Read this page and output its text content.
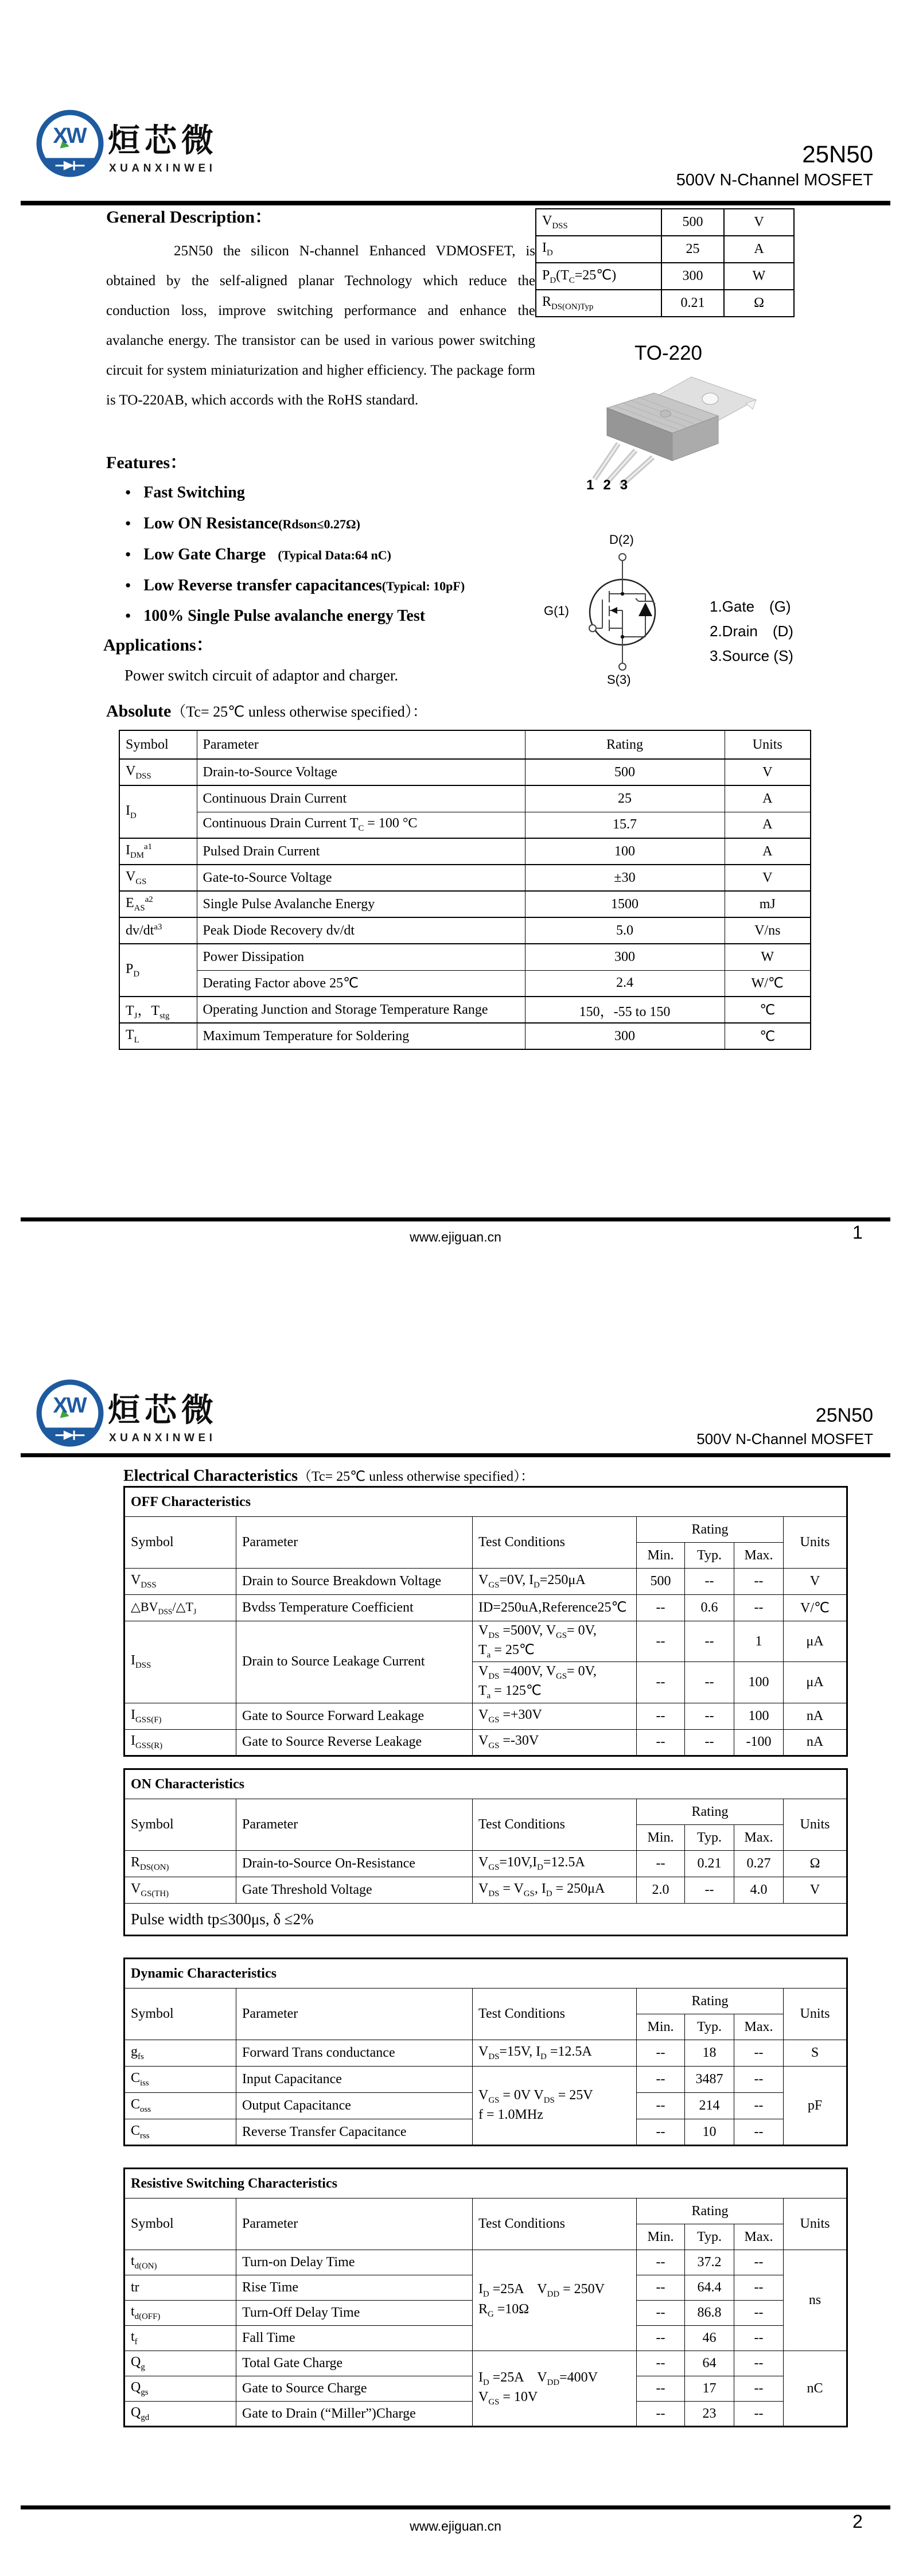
XW 烜芯微
XUANXINWEI
25N50
500V N-Channel MOSFET
General Description：
25N50 the silicon N-channel Enhanced VDMOSFET, is obtained by the self-aligned planar Technology which reduce the conduction loss, improve switching performance and enhance the avalanche energy. The transistor can be used in various power switching circuit for system miniaturization and higher efficiency. The package form is TO-220AB, which accords with the RoHS standard.
$V_{DSS}$	500	V
$I_D$	25	A
$P_D(T_C=25℃)$	300	W
$R_{DS(ON)Typ}$	0.21	Ω
TO-220
1 2 3
Features：
● Fast Switching
● Low ON Resistance(Rdson≤0.27Ω)
● Low Gate Charge   (Typical Data:64 nC)
● Low Reverse transfer capacitances(Typical: 10pF)
● 100% Single Pulse avalanche energy Test
Applications：
Power switch circuit of adaptor and charger.
D(2)
G(1)
S(3)
1.Gate　(G)
2.Drain　(D)
3.Source (S)
Absolute（Tc= 25℃ unless otherwise specified）：
Symbol	Parameter	Rating	Units
$V_{DSS}$	Drain-to-Source Voltage	500	V
$I_D$	Continuous Drain Current	25	A
	Continuous Drain Current $T_C = 100$ °C	15.7	A
$I_{DM}^{a1}$	Pulsed Drain Current	100	A
$V_{GS}$	Gate-to-Source Voltage	±30	V
$E_{AS}^{a2}$	Single Pulse Avalanche Energy	1500	mJ
$dv/dt^{a3}$	Peak Diode Recovery dv/dt	5.0	V/ns
$P_D$	Power Dissipation	300	W
	Derating Factor above 25℃	2.4	W/℃
$T_J$，$T_{stg}$	Operating Junction and Storage Temperature Range	150，-55 to 150	℃
$T_L$	Maximum Temperature for Soldering	300	℃
www.ejiguan.cn	1
XW 烜芯微
XUANXINWEI
25N50
500V N-Channel MOSFET
Electrical Characteristics（Tc= 25℃ unless otherwise specified）：
OFF Characteristics						
Symbol	Parameter	Test Conditions	Rating			Units
			Min.	Typ.	Max.	
$V_{DSS}$	Drain to Source Breakdown Voltage	$V_{GS}=0V$, $I_D=250\mu A$	500	--	--	V
$\triangle BV_{DSS}/\triangle T_J$	Bvdss Temperature Coefficient	ID=250uA,Reference25℃	--	0.6	--	V/℃
$I_{DSS}$	Drain to Source Leakage Current	$V_{DS} =500V$, $V_{GS}= 0V$,
$T_a$ = 25℃	--	--	1	μA
		$V_{DS} =400V$, $V_{GS}= 0V$,
$T_a$ = 125℃	--	--	100	μA
$I_{GSS(F)}$	Gate to Source Forward Leakage	$V_{GS} =+30V$	--	--	100	nA
$I_{GSS(R)}$	Gate to Source Reverse Leakage	$V_{GS} =-30V$	--	--	-100	nA
ON Characteristics						
Symbol	Parameter	Test Conditions	Rating			Units
			Min.	Typ.	Max.	
$R_{DS(ON)}$	Drain-to-Source On-Resistance	$V_{GS}=10V,I_D=12.5A$	--	0.21	0.27	Ω
$V_{GS(TH)}$	Gate Threshold Voltage	$V_{DS} = V_{GS}$, $I_D = 250\mu A$	2.0	--	4.0	V
Pulse width tp≤300μs, δ ≤2%						
Dynamic Characteristics						
Symbol	Parameter	Test Conditions	Rating			Units
			Min.	Typ.	Max.	
$g_{fs}$	Forward Trans conductance	$V_{DS}=15V$, $I_D =12.5A$	--	18	--	S
$C_{iss}$	Input Capacitance	$V_{GS} = 0V$ $V_{DS} = 25V$
f = 1.0MHz	--	3487	--	pF
$C_{oss}$	Output Capacitance		--	214	--	
$C_{rss}$	Reverse Transfer Capacitance		--	10	--	
Resistive Switching Characteristics						
Symbol	Parameter	Test Conditions	Rating			Units
			Min.	Typ.	Max.	
$t_{d(ON)}$	Turn-on Delay Time	$I_D =25A$　$V_{DD} = 250V$
$R_G =10\Omega$	--	37.2	--	ns
tr	Rise Time		--	64.4	--	
$t_{d(OFF)}$	Turn-Off Delay Time		--	86.8	--	
$t_f$	Fall Time		--	46	--	
$Q_g$	Total Gate Charge	$I_D =25A$　$V_{DD}=400V$
$V_{GS} = 10V$	--	64	--	nC
$Q_{gs}$	Gate to Source Charge		--	17	--	
$Q_{gd}$	Gate to Drain (“Miller”)Charge		--	23	--	
www.ejiguan.cn	2
